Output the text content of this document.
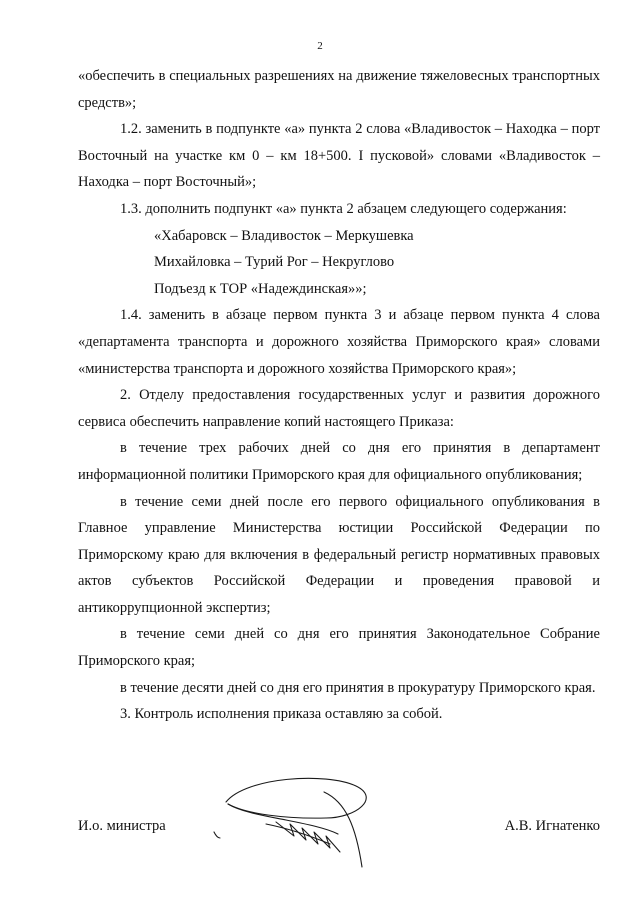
2

«обеспечить в специальных разрешениях на движение тяжеловесных транспортных средств»;

1.2. заменить в подпункте «а» пункта 2 слова «Владивосток – Находка – порт Восточный на участке км 0 – км 18+500. I пусковой» словами «Владивосток – Находка – порт Восточный»;

1.3. дополнить подпункт «а» пункта 2 абзацем следующего содержания:

«Хабаровск – Владивосток – Меркушевка

Михайловка – Турий Рог – Некруглово

Подъезд к ТОР «Надеждинская»»;

1.4. заменить в абзаце первом пункта 3 и абзаце первом пункта 4 слова «департамента транспорта и дорожного хозяйства Приморского края» словами «министерства транспорта и дорожного хозяйства Приморского края»;

2. Отделу предоставления государственных услуг и развития дорожного сервиса обеспечить направление копий настоящего Приказа:

в течение трех рабочих дней со дня его принятия в департамент информационной политики Приморского края для официального опубликования;

в течение семи дней после его первого официального опубликования в Главное управление Министерства юстиции Российской Федерации по Приморскому краю для включения в федеральный регистр нормативных правовых актов субъектов Российской Федерации и проведения правовой и антикоррупционной экспертиз;

в течение семи дней со дня его принятия Законодательное Собрание Приморского края;

в течение десяти дней со дня его принятия в прокуратуру Приморского края.

3. Контроль исполнения приказа оставляю за собой.

И.о. министра	А.В. Игнатенко
